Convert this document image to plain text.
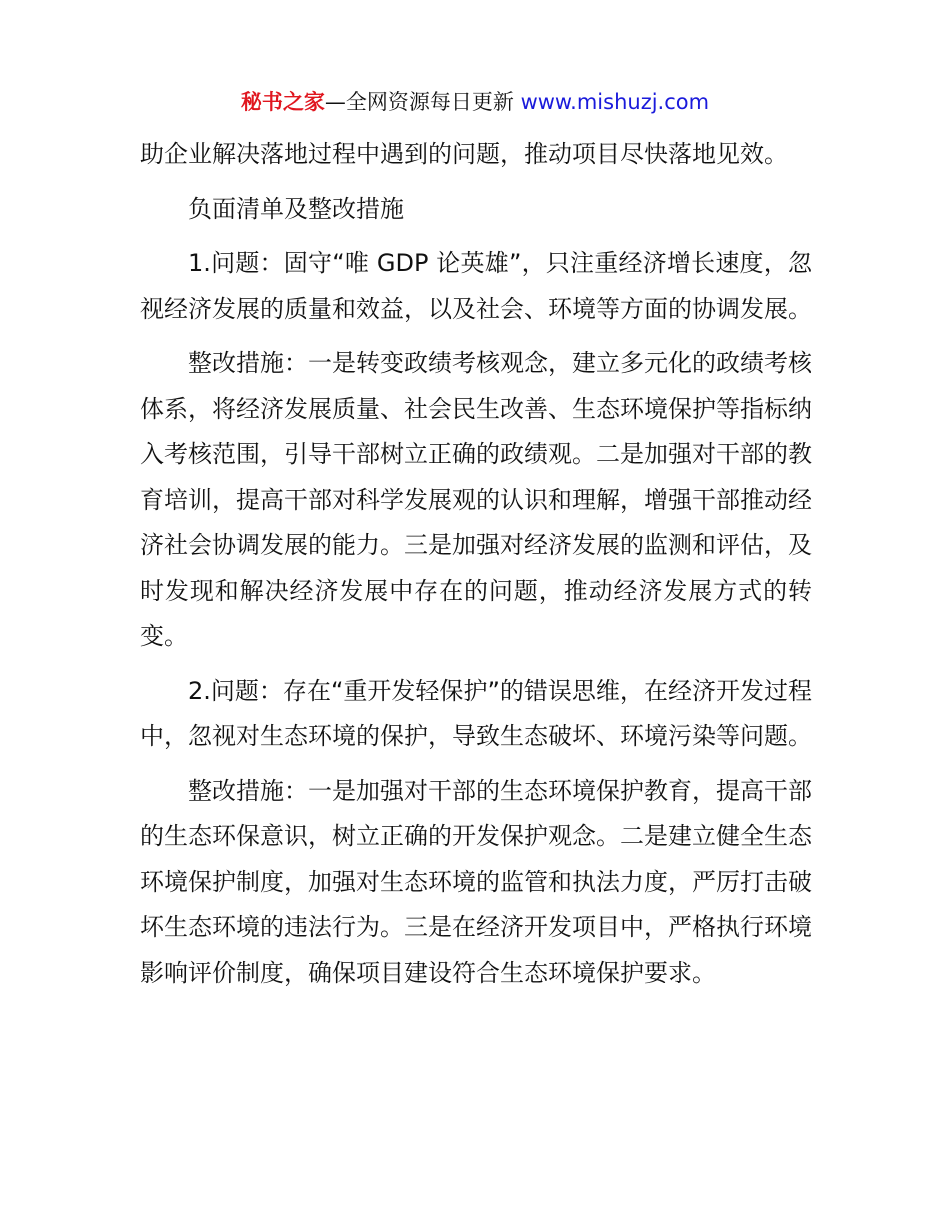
秘书之家—全网资源每日更新 www.mishuzj.com

助企业解决落地过程中遇到的问题，推动项目尽快落地见效。

负面清单及整改措施

1.问题：固守“唯 GDP 论英雄”，只注重经济增长速度，忽视经济发展的质量和效益，以及社会、环境等方面的协调发展。

整改措施：一是转变政绩考核观念，建立多元化的政绩考核体系，将经济发展质量、社会民生改善、生态环境保护等指标纳入考核范围，引导干部树立正确的政绩观。二是加强对干部的教育培训，提高干部对科学发展观的认识和理解，增强干部推动经济社会协调发展的能力。三是加强对经济发展的监测和评估，及时发现和解决经济发展中存在的问题，推动经济发展方式的转变。

2.问题：存在“重开发轻保护”的错误思维，在经济开发过程中，忽视对生态环境的保护，导致生态破坏、环境污染等问题。

整改措施：一是加强对干部的生态环境保护教育，提高干部的生态环保意识，树立正确的开发保护观念。二是建立健全生态环境保护制度，加强对生态环境的监管和执法力度，严厉打击破坏生态环境的违法行为。三是在经济开发项目中，严格执行环境影响评价制度，确保项目建设符合生态环境保护要求。
